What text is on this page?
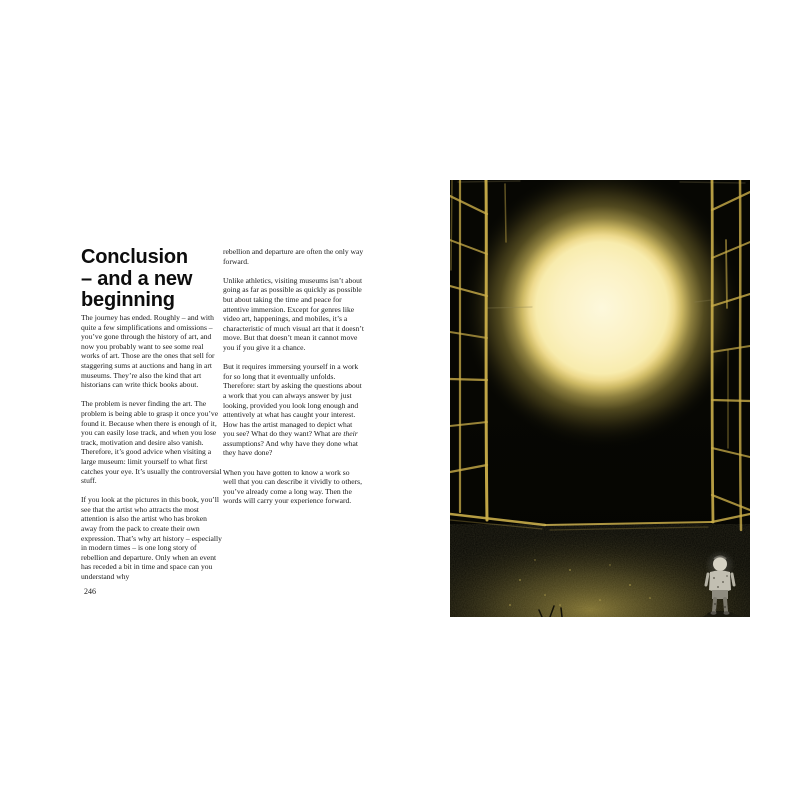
Conclusion
– and a new
beginning

The journey has ended. Roughly – and with quite a few simplifications and omissions – you’ve gone through the history of art, and now you probably want to see some real works of art. Those are the ones that sell for staggering sums at auctions and hang in art museums. They’re also the kind that art historians can write thick books about.

The problem is never finding the art. The problem is being able to grasp it once you’ve found it. Because when there is enough of it, you can easily lose track, and when you lose track, motivation and desire also vanish. Therefore, it’s good advice when visiting a large museum: limit yourself to what first catches your eye. It’s usually the controversial stuff.

If you look at the pictures in this book, you’ll see that the artist who attracts the most attention is also the artist who has broken away from the pack to create their own expression. That’s why art history – especially in modern times – is one long story of rebellion and departure. Only when an event has receded a bit in time and space can you understand why

rebellion and departure are often the only way forward.

Unlike athletics, visiting museums isn’t about going as far as possible as quickly as possible but about taking the time and peace for attentive immersion. Except for genres like video art, happenings, and mobiles, it’s a characteristic of much visual art that it doesn’t move. But that doesn’t mean it cannot move you if you give it a chance.

But it requires immersing yourself in a work for so long that it eventually unfolds. Therefore: start by asking the questions about a work that you can always answer by just looking, provided you look long enough and attentively at what has caught your interest. How has the artist managed to depict what you see? What do they want? What are their assumptions? And why have they done what they have done?

When you have gotten to know a work so well that you can describe it vividly to others, you’ve already come a long way. Then the words will carry your experience forward.

246
